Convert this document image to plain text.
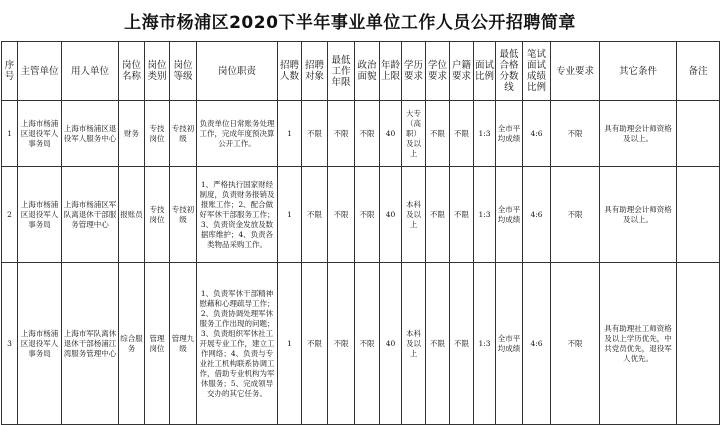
上海市杨浦区2020下半年事业单位工作人员公开招聘简章
序号	主管单位	用人单位	岗位名称	岗位类别	岗位等级	岗位职责	招聘人数	招聘对象	最低工作年限	政治面貌	年龄上限	学历要求	学位要求	户籍要求	面试比例	最低合格分数线	笔试面试成绩比例	专业要求	其它条件	备注
1	上海市杨浦区退役军人事务局	上海市杨浦区退役军人服务中心	财务	专技岗位	专技初级	负责单位日常账务处理工作，完成年度预决算公开工作。	1	不限	不限	不限	40	大专（高职）及以上	不限	不限	1:3	全市平均成绩	4:6	不限	具有助理会计师资格及以上。	
2	上海市杨浦区退役军人事务局	上海市杨浦区军队离退休干部服务管理中心	报账员	专技岗位	专技初级	1、严格执行国家财经制度，负责财务报销及报账工作；2、配合做好军休干部服务工作；3、负责资金发放及数据库维护；4、负责各类物品采购工作。	1	不限	不限	不限	40	本科及以上	不限	不限	1:3	全市平均成绩	4:6	不限	具有助理会计师资格及以上。	
3	上海市杨浦区退役军人事务局	上海市军队离休退休干部杨浦江湾服务管理中心	综合服务	管理岗位	管理九级	1、负责军休干部精神慰藉和心理疏导工作；2、负责协调处理军休服务工作出现的问题；3、负责组织军休社工开展专业工作，建立工作网络；4、负责与专业社工机构联系协调工作，借助专业机构为军休服务；5、完成领导交办的其它任务。	1	不限	不限	不限	40	本科及以上	不限	不限	1:3	全市平均成绩	4:6	不限	具有助理社工师资格及以上学历优先，中共党员优先，退役军人优先。	
